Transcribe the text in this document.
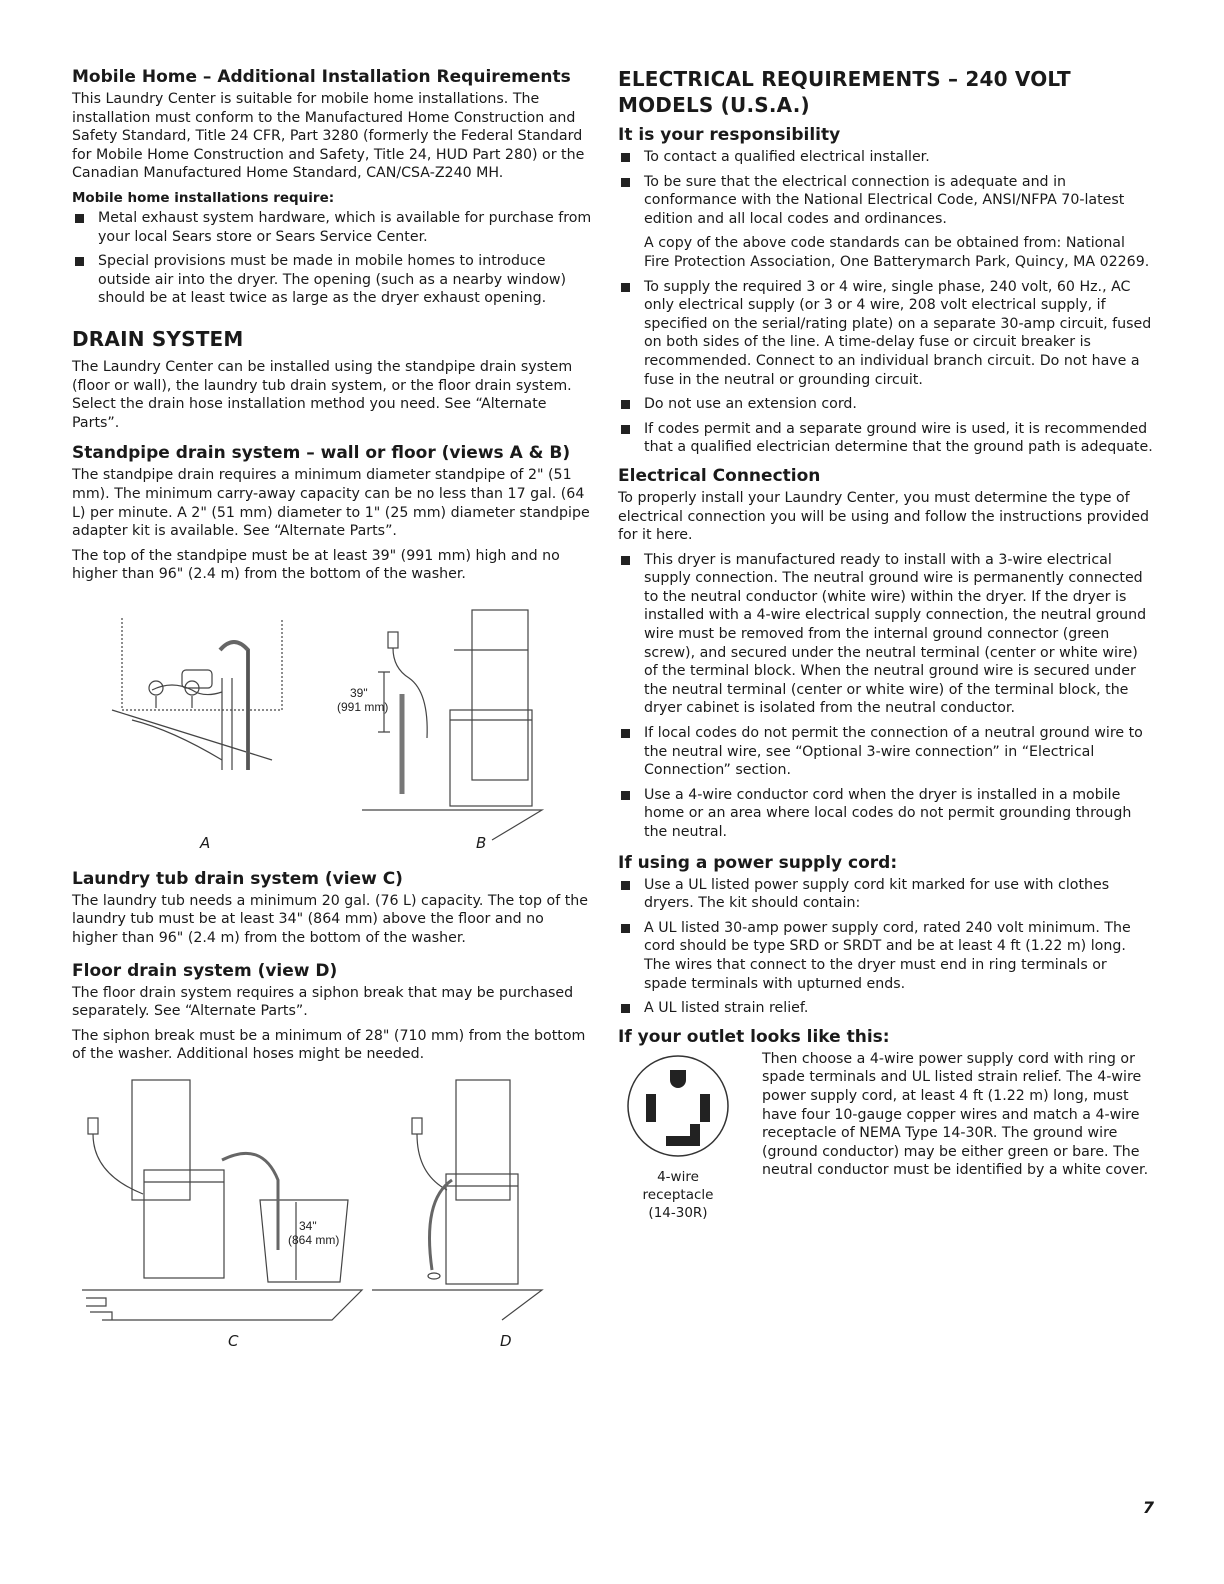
Mobile Home – Additional Installation Requirements

This Laundry Center is suitable for mobile home installations. The installation must conform to the Manufactured Home Construction and Safety Standard, Title 24 CFR, Part 3280 (formerly the Federal Standard for Mobile Home Construction and Safety, Title 24, HUD Part 280) or the Canadian Manufactured Home Standard, CAN/CSA-Z240 MH.

Mobile home installations require:
Metal exhaust system hardware, which is available for purchase from your local Sears store or Sears Service Center.
Special provisions must be made in mobile homes to introduce outside air into the dryer. The opening (such as a nearby window) should be at least twice as large as the dryer exhaust opening.
DRAIN SYSTEM

The Laundry Center can be installed using the standpipe drain system (floor or wall), the laundry tub drain system, or the floor drain system. Select the drain hose installation method you need. See “Alternate Parts”.

Standpipe drain system – wall or floor (views A & B)

The standpipe drain requires a minimum diameter standpipe of 2" (51 mm). The minimum carry-away capacity can be no less than 17 gal. (64 L) per minute. A 2" (51 mm) diameter to 1" (25 mm) diameter standpipe adapter kit is available. See “Alternate Parts”.

The top of the standpipe must be at least 39" (991 mm) high and no higher than 96" (2.4 m) from the bottom of the washer.

39"
(991 mm)
A	B
Laundry tub drain system (view C)

The laundry tub needs a minimum 20 gal. (76 L) capacity. The top of the laundry tub must be at least 34" (864 mm) above the floor and no higher than 96" (2.4 m) from the bottom of the washer.

Floor drain system (view D)

The floor drain system requires a siphon break that may be purchased separately. See “Alternate Parts”.

The siphon break must be a minimum of 28" (710 mm) from the bottom of the washer. Additional hoses might be needed.

34"
(864 mm)
C	D
ELECTRICAL REQUIREMENTS – 240 VOLT MODELS (U.S.A.)
It is your responsibility
To contact a qualified electrical installer.
To be sure that the electrical connection is adequate and in conformance with the National Electrical Code, ANSI/NFPA 70-latest edition and all local codes and ordinances.
A copy of the above code standards can be obtained from: National Fire Protection Association, One Batterymarch Park, Quincy, MA 02269.
To supply the required 3 or 4 wire, single phase, 240 volt, 60 Hz., AC only electrical supply (or 3 or 4 wire, 208 volt electrical supply, if specified on the serial/rating plate) on a separate 30-amp circuit, fused on both sides of the line. A time-delay fuse or circuit breaker is recommended. Connect to an individual branch circuit. Do not have a fuse in the neutral or grounding circuit.
Do not use an extension cord.
If codes permit and a separate ground wire is used, it is recommended that a qualified electrician determine that the ground path is adequate.
Electrical Connection

To properly install your Laundry Center, you must determine the type of electrical connection you will be using and follow the instructions provided for it here.

This dryer is manufactured ready to install with a 3-wire electrical supply connection. The neutral ground wire is permanently connected to the neutral conductor (white wire) within the dryer. If the dryer is installed with a 4-wire electrical supply connection, the neutral ground wire must be removed from the internal ground connector (green screw), and secured under the neutral terminal (center or white wire) of the terminal block. When the neutral ground wire is secured under the neutral terminal (center or white wire) of the terminal block, the dryer cabinet is isolated from the neutral conductor.
If local codes do not permit the connection of a neutral ground wire to the neutral wire, see “Optional 3-wire connection” in “Electrical Connection” section.
Use a 4-wire conductor cord when the dryer is installed in a mobile home or an area where local codes do not permit grounding through the neutral.
If using a power supply cord:
Use a UL listed power supply cord kit marked for use with clothes dryers. The kit should contain:
A UL listed 30-amp power supply cord, rated 240 volt minimum. The cord should be type SRD or SRDT and be at least 4 ft (1.22 m) long. The wires that connect to the dryer must end in ring terminals or spade terminals with upturned ends.
A UL listed strain relief.
If your outlet looks like this:
4-wire
receptacle
(14-30R)

Then choose a 4-wire power supply cord with ring or spade terminals and UL listed strain relief. The 4-wire power supply cord, at least 4 ft (1.22 m) long, must have four 10-gauge copper wires and match a 4-wire receptacle of NEMA Type 14-30R. The ground wire (ground conductor) may be either green or bare. The neutral conductor must be identified by a white cover.

7
